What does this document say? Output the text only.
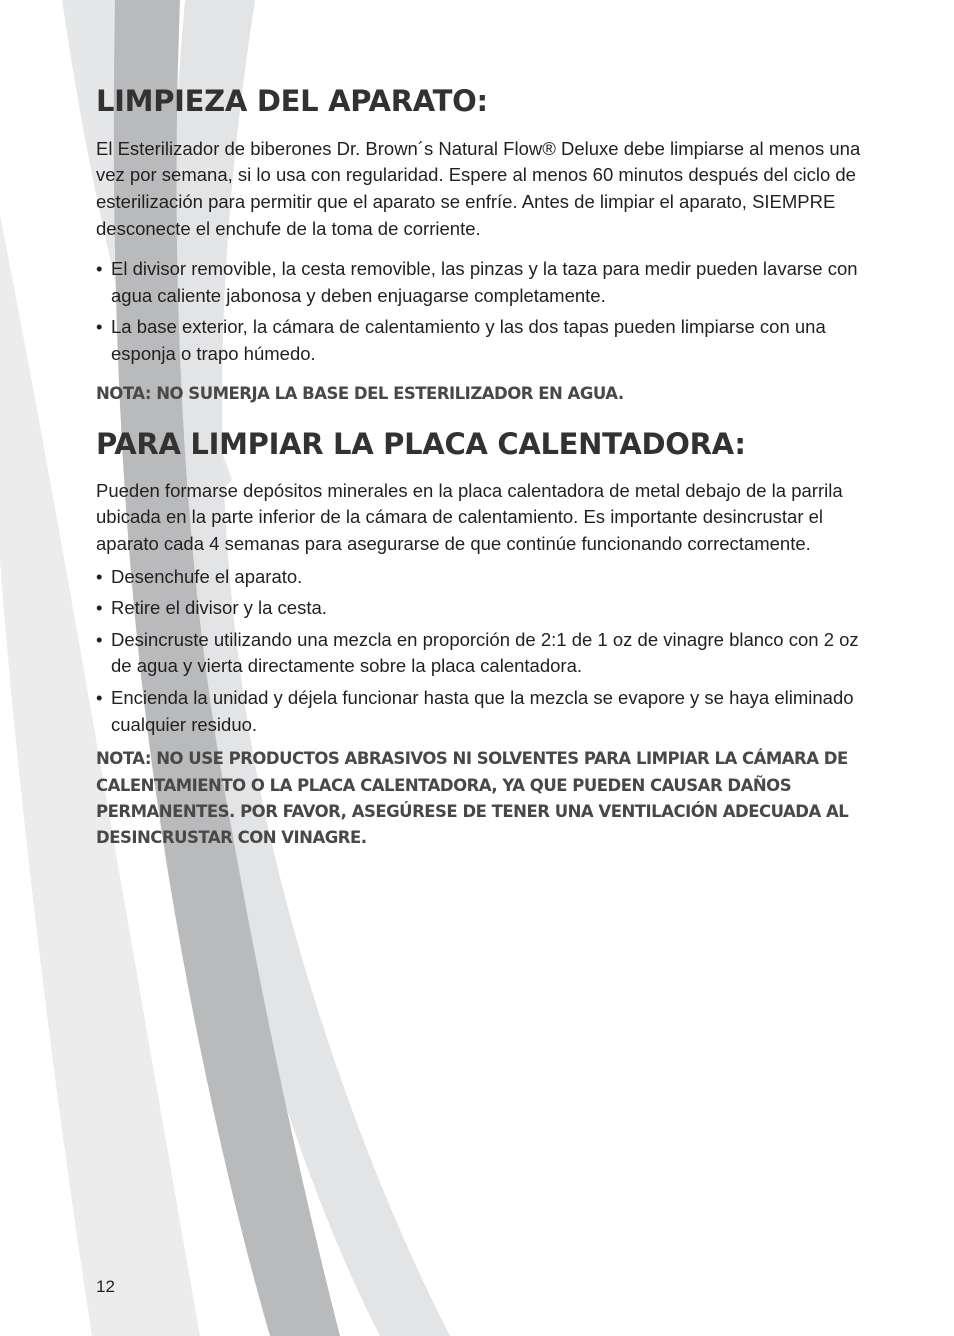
LIMPIEZA DEL APARATO:

El Esterilizador de biberones Dr. Brown´s Natural Flow® Deluxe debe limpiarse al menos una vez por semana, si lo usa con regularidad. Espere al menos 60 minutos después del ciclo de esterilización para permitir que el aparato se enfríe. Antes de limpiar el aparato, SIEMPRE desconecte el enchufe de la toma de corriente.

• El divisor removible, la cesta removible, las pinzas y la taza para medir pueden lavarse con agua caliente jabonosa y deben enjuagarse completamente.
• La base exterior, la cámara de calentamiento y las dos tapas pueden limpiarse con una esponja o trapo húmedo.

NOTA: NO SUMERJA LA BASE DEL ESTERILIZADOR EN AGUA.

PARA LIMPIAR LA PLACA CALENTADORA:

Pueden formarse depósitos minerales en la placa calentadora de metal debajo de la parrila ubicada en la parte inferior de la cámara de calentamiento. Es importante desincrustar el aparato cada 4 semanas para asegurarse de que continúe funcionando correctamente.

• Desenchufe el aparato.
• Retire el divisor y la cesta.
• Desincruste utilizando una mezcla en proporción de 2:1 de 1 oz de vinagre blanco con 2 oz de agua y vierta directamente sobre la placa calentadora.
• Encienda la unidad y déjela funcionar hasta que la mezcla se evapore y se haya eliminado cualquier residuo.

NOTA: NO USE PRODUCTOS ABRASIVOS NI SOLVENTES PARA LIMPIAR LA CÁMARA DE CALENTAMIENTO O LA PLACA CALENTADORA, YA QUE PUEDEN CAUSAR DAÑOS PERMANENTES. POR FAVOR, ASEGÚRESE DE TENER UNA VENTILACIÓN ADECUADA AL DESINCRUSTAR CON VINAGRE.

12
